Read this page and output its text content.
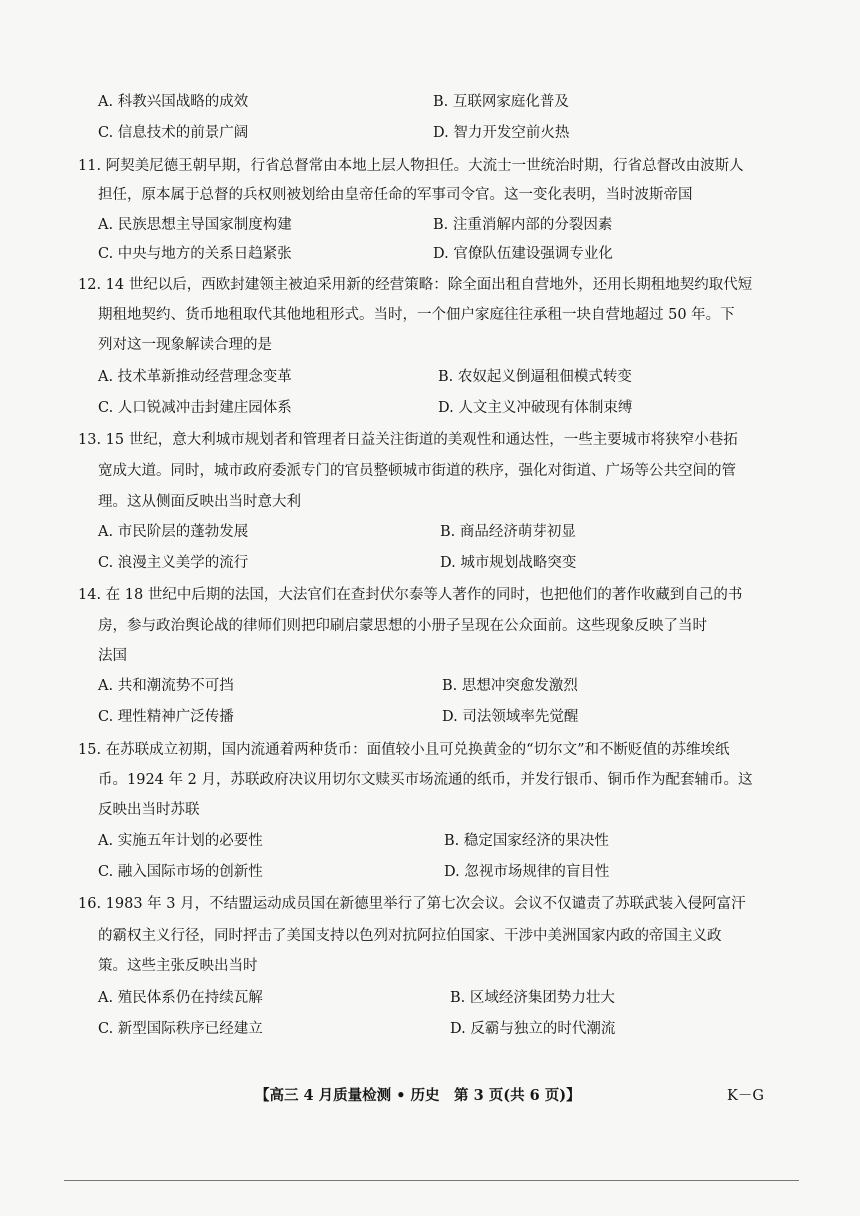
A. 科教兴国战略的成效	B. 互联网家庭化普及
C. 信息技术的前景广阔	D. 智力开发空前火热
11. 阿契美尼德王朝早期，行省总督常由本地上层人物担任。大流士一世统治时期，行省总督改由波斯人
担任，原本属于总督的兵权则被划给由皇帝任命的军事司令官。这一变化表明，当时波斯帝国
A. 民族思想主导国家制度构建	B. 注重消解内部的分裂因素
C. 中央与地方的关系日趋紧张	D. 官僚队伍建设强调专业化
12. 14 世纪以后，西欧封建领主被迫采用新的经营策略：除全面出租自营地外，还用长期租地契约取代短
期租地契约、货币地租取代其他地租形式。当时，一个佃户家庭往往承租一块自营地超过 50 年。下
列对这一现象解读合理的是
A. 技术革新推动经营理念变革	B. 农奴起义倒逼租佃模式转变
C. 人口锐减冲击封建庄园体系	D. 人文主义冲破现有体制束缚
13. 15 世纪，意大利城市规划者和管理者日益关注街道的美观性和通达性，一些主要城市将狭窄小巷拓
宽成大道。同时，城市政府委派专门的官员整顿城市街道的秩序，强化对街道、广场等公共空间的管
理。这从侧面反映出当时意大利
A. 市民阶层的蓬勃发展	B. 商品经济萌芽初显
C. 浪漫主义美学的流行	D. 城市规划战略突变
14. 在 18 世纪中后期的法国，大法官们在查封伏尔泰等人著作的同时，也把他们的著作收藏到自己的书
房，参与政治舆论战的律师们则把印刷启蒙思想的小册子呈现在公众面前。这些现象反映了当时
法国
A. 共和潮流势不可挡	B. 思想冲突愈发激烈
C. 理性精神广泛传播	D. 司法领域率先觉醒
15. 在苏联成立初期，国内流通着两种货币：面值较小且可兑换黄金的“切尔文”和不断贬值的苏维埃纸
币。1924 年 2 月，苏联政府决议用切尔文赎买市场流通的纸币，并发行银币、铜币作为配套辅币。这
反映出当时苏联
A. 实施五年计划的必要性	B. 稳定国家经济的果决性
C. 融入国际市场的创新性	D. 忽视市场规律的盲目性
16. 1983 年 3 月，不结盟运动成员国在新德里举行了第七次会议。会议不仅谴责了苏联武装入侵阿富汗
的霸权主义行径，同时抨击了美国支持以色列对抗阿拉伯国家、干涉中美洲国家内政的帝国主义政
策。这些主张反映出当时
A. 殖民体系仍在持续瓦解	B. 区域经济集团势力壮大
C. 新型国际秩序已经建立	D. 反霸与独立的时代潮流
【高三 4 月质量检测 • 历史　第 3 页(共 6 页)】	K－G
